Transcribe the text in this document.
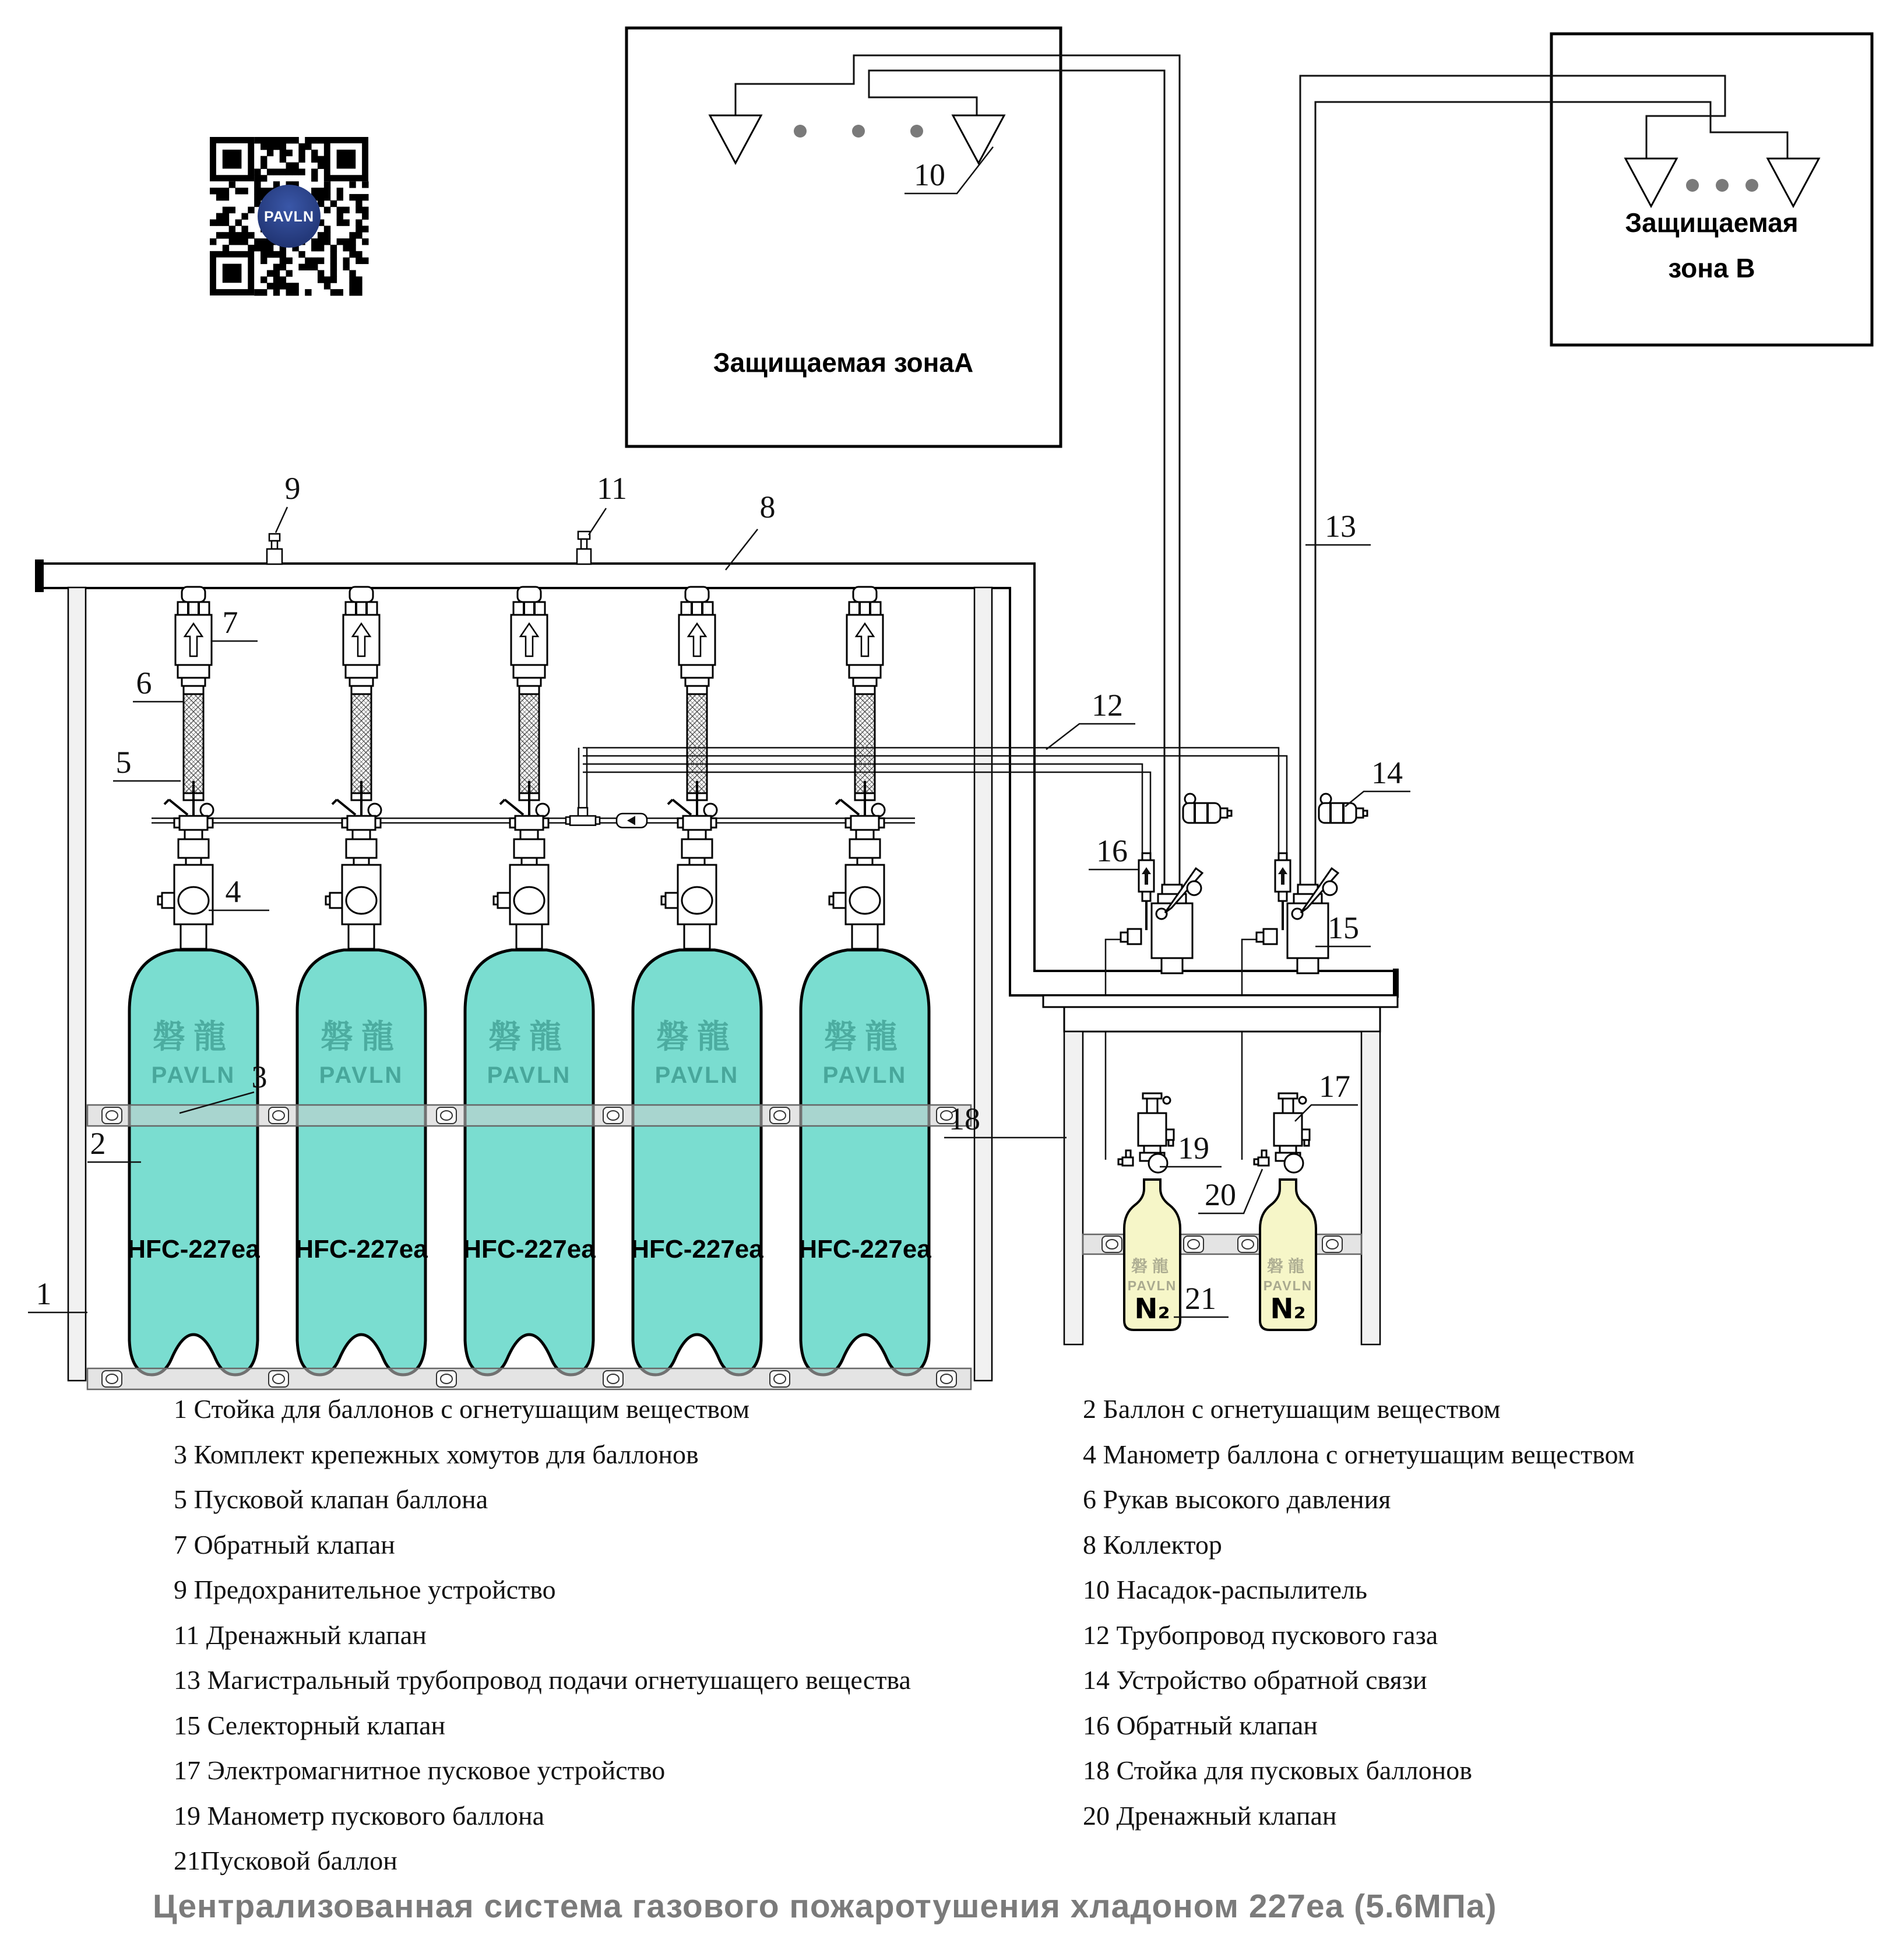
Защищаемая зонаА
Защищаемая
зона B
磐龍
PAVLN
HFC-227ea
磐龍
PAVLN
HFC-227ea
磐龍
PAVLN
HFC-227ea
磐龍
PAVLN
HFC-227ea
磐龍
PAVLN
HFC-227ea
磐龍
PAVLN
N₂
磐龍
PAVLN
N₂
PAVLN
1
2
3
4
5
6
7
8
9
10
11
12
13
14
15
16
17
18
19
20
21
1 Стойка для баллонов с огнетушащим веществом
3 Комплект крепежных хомутов для баллонов
5 Пусковой клапан баллона
7 Обратный клапан
9 Предохранительное устройство
11 Дренажный клапан
13 Магистральный трубопровод подачи огнетушащего вещества
15 Селекторный клапан
17 Электромагнитное пусковое устройство
19 Манометр пускового баллона
21Пусковой баллон
2 Баллон с огнетушащим веществом
4 Манометр баллона с огнетушащим веществом
6 Рукав высокого давления
8 Коллектор
10 Насадок-распылитель
12 Трубопровод пускового газа
14 Устройство обратной связи
16 Обратный клапан
18 Стойка для пусковых баллонов
20 Дренажный клапан
Централизованная система газового пожаротушения хладоном 227ea (5.6МПа)
